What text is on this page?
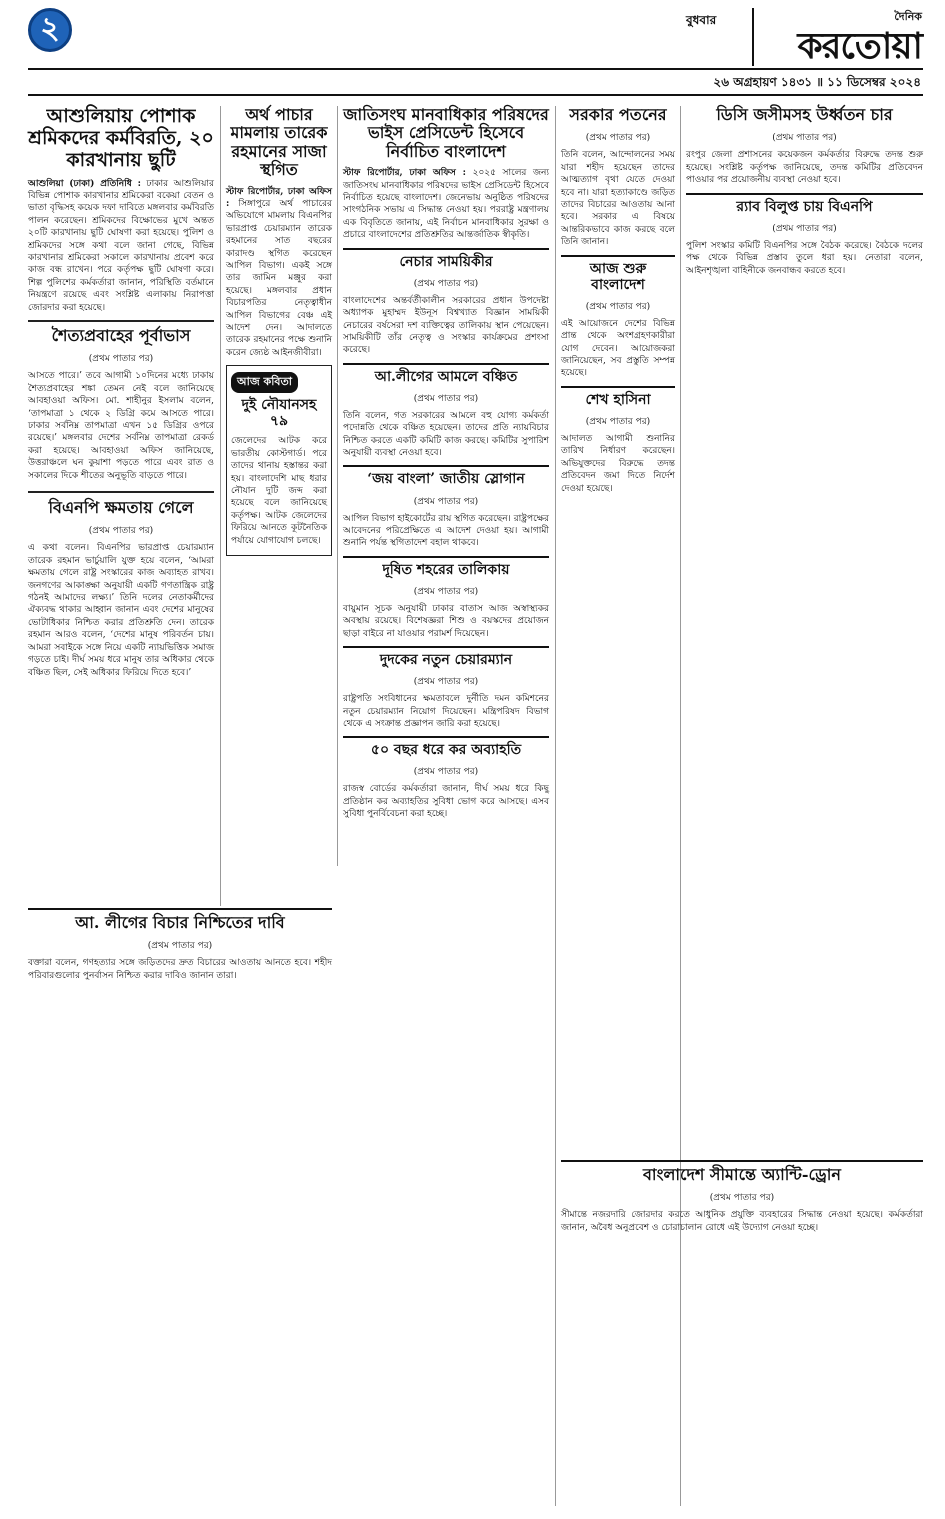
২	বুধবার	দৈনিক
করতোয়া
২৬ অগ্রহায়ণ ১৪৩১ ॥ ১১ ডিসেম্বর ২০২৪
আশুলিয়ায় পোশাক শ্রমিকদের কর্মবিরতি, ২০ কারখানায় ছুটি
আশুলিয়া (ঢাকা) প্রতিনিধি : ঢাকার আশুলিয়ার বিভিন্ন পোশাক কারখানার শ্রমিকেরা বকেয়া বেতন ও ভাতা বৃদ্ধিসহ কয়েক দফা দাবিতে মঙ্গলবার কর্মবিরতি পালন করেছেন। শ্রমিকদের বিক্ষোভের মুখে অন্তত ২০টি কারখানায় ছুটি ঘোষণা করা হয়েছে। পুলিশ ও শ্রমিকদের সঙ্গে কথা বলে জানা গেছে, বিভিন্ন কারখানার শ্রমিকেরা সকালে কারখানায় প্রবেশ করে কাজ বন্ধ রাখেন। পরে কর্তৃপক্ষ ছুটি ঘোষণা করে। শিল্প পুলিশের কর্মকর্তারা জানান, পরিস্থিতি বর্তমানে নিয়ন্ত্রণে রয়েছে এবং সংশ্লিষ্ট এলাকায় নিরাপত্তা জোরদার করা হয়েছে।
শৈত্যপ্রবাহের পূর্বাভাস
(প্রথম পাতার পর)
আসতে পারে।’ তবে আগামী ১০দিনের মধ্যে ঢাকায় শৈত্যপ্রবাহের শঙ্কা তেমন নেই বলে জানিয়েছে আবহাওয়া অফিস। মো. শাহীনুর ইসলাম বলেন, ‘তাপমাত্রা ১ থেকে ২ ডিগ্রি কমে আসতে পারে। ঢাকার সর্বনিম্ন তাপমাত্রা এখন ১৫ ডিগ্রির ওপরে রয়েছে।’ মঙ্গলবার দেশের সর্বনিম্ন তাপমাত্রা রেকর্ড করা হয়েছে। আবহাওয়া অফিস জানিয়েছে, উত্তরাঞ্চলে ঘন কুয়াশা পড়তে পারে এবং রাত ও সকালের দিকে শীতের অনুভূতি বাড়তে পারে।
বিএনপি ক্ষমতায় গেলে
(প্রথম পাতার পর)
এ কথা বলেন। বিএনপির ভারপ্রাপ্ত চেয়ারম্যান তারেক রহমান ভার্চুয়ালি যুক্ত হয়ে বলেন, ‘আমরা ক্ষমতায় গেলে রাষ্ট্র সংস্কারের কাজ অব্যাহত রাখব। জনগণের আকাঙ্ক্ষা অনুযায়ী একটি গণতান্ত্রিক রাষ্ট্র গঠনই আমাদের লক্ষ্য।’ তিনি দলের নেতাকর্মীদের ঐক্যবদ্ধ থাকার আহ্বান জানান এবং দেশের মানুষের ভোটাধিকার নিশ্চিত করার প্রতিশ্রুতি দেন। তারেক রহমান আরও বলেন, ‘দেশের মানুষ পরিবর্তন চায়। আমরা সবাইকে সঙ্গে নিয়ে একটি ন্যায়ভিত্তিক সমাজ গড়তে চাই। দীর্ঘ সময় ধরে মানুষ তার অধিকার থেকে বঞ্চিত ছিল, সেই অধিকার ফিরিয়ে দিতে হবে।’
অর্থ পাচার মামলায় তারেক রহমানের সাজা স্থগিত
স্টাফ রিপোর্টার, ঢাকা অফিস : সিঙ্গাপুরে অর্থ পাচারের অভিযোগে মামলায় বিএনপির ভারপ্রাপ্ত চেয়ারম্যান তারেক রহমানের সাত বছরের কারাদণ্ড স্থগিত করেছেন আপিল বিভাগ। একই সঙ্গে তার জামিন মঞ্জুর করা হয়েছে। মঙ্গলবার প্রধান বিচারপতির নেতৃত্বাধীন আপিল বিভাগের বেঞ্চ এই আদেশ দেন। আদালতে তারেক রহমানের পক্ষে শুনানি করেন জ্যেষ্ঠ আইনজীবীরা।
আজ কবিতা
দুই নৌযানসহ ৭৯
জেলেদের আটক করে ভারতীয় কোস্টগার্ড। পরে তাদের থানায় হস্তান্তর করা হয়। বাংলাদেশি মাছ ধরার নৌযান দুটি জব্দ করা হয়েছে বলে জানিয়েছে কর্তৃপক্ষ। আটক জেলেদের ফিরিয়ে আনতে কূটনৈতিক পর্যায়ে যোগাযোগ চলছে।
জাতিসংঘ মানবাধিকার পরিষদের ভাইস প্রেসিডেন্ট হিসেবে নির্বাচিত বাংলাদেশ
স্টাফ রিপোর্টার, ঢাকা অফিস : ২০২৫ সালের জন্য জাতিসংঘ মানবাধিকার পরিষদের ভাইস প্রেসিডেন্ট হিসেবে নির্বাচিত হয়েছে বাংলাদেশ। জেনেভায় অনুষ্ঠিত পরিষদের সাংগঠনিক সভায় এ সিদ্ধান্ত নেওয়া হয়। পররাষ্ট্র মন্ত্রণালয় এক বিবৃতিতে জানায়, এই নির্বাচন মানবাধিকার সুরক্ষা ও প্রচারে বাংলাদেশের প্রতিশ্রুতির আন্তর্জাতিক স্বীকৃতি।
নেচার সাময়িকীর
(প্রথম পাতার পর)
বাংলাদেশের অন্তর্বর্তীকালীন সরকারের প্রধান উপদেষ্টা অধ্যাপক মুহাম্মদ ইউনূস বিশ্বখ্যাত বিজ্ঞান সাময়িকী নেচারের বর্ষসেরা দশ ব্যক্তিত্বের তালিকায় স্থান পেয়েছেন। সাময়িকীটি তাঁর নেতৃত্ব ও সংস্কার কার্যক্রমের প্রশংসা করেছে।
আ.লীগের আমলে বঞ্চিত
(প্রথম পাতার পর)
তিনি বলেন, গত সরকারের আমলে বহু যোগ্য কর্মকর্তা পদোন্নতি থেকে বঞ্চিত হয়েছেন। তাদের প্রতি ন্যায়বিচার নিশ্চিত করতে একটি কমিটি কাজ করছে। কমিটির সুপারিশ অনুযায়ী ব্যবস্থা নেওয়া হবে।
‘জয় বাংলা’ জাতীয় স্লোগান
(প্রথম পাতার পর)
আপিল বিভাগ হাইকোর্টের রায় স্থগিত করেছেন। রাষ্ট্রপক্ষের আবেদনের পরিপ্রেক্ষিতে এ আদেশ দেওয়া হয়। আগামী শুনানি পর্যন্ত স্থগিতাদেশ বহাল থাকবে।
দূষিত শহরের তালিকায়
(প্রথম পাতার পর)
বায়ুমান সূচক অনুযায়ী ঢাকার বাতাস আজ অস্বাস্থ্যকর অবস্থায় রয়েছে। বিশেষজ্ঞরা শিশু ও বয়স্কদের প্রয়োজন ছাড়া বাইরে না যাওয়ার পরামর্শ দিয়েছেন।
দুদকের নতুন চেয়ারম্যান
(প্রথম পাতার পর)
রাষ্ট্রপতি সংবিধানের ক্ষমতাবলে দুর্নীতি দমন কমিশনের নতুন চেয়ারম্যান নিয়োগ দিয়েছেন। মন্ত্রিপরিষদ বিভাগ থেকে এ সংক্রান্ত প্রজ্ঞাপন জারি করা হয়েছে।
৫০ বছর ধরে কর অব্যাহতি
(প্রথম পাতার পর)
রাজস্ব বোর্ডের কর্মকর্তারা জানান, দীর্ঘ সময় ধরে কিছু প্রতিষ্ঠান কর অব্যাহতির সুবিধা ভোগ করে আসছে। এসব সুবিধা পুনর্বিবেচনা করা হচ্ছে।
সরকার পতনের
(প্রথম পাতার পর)
তিনি বলেন, আন্দোলনের সময় যারা শহীদ হয়েছেন তাদের আত্মত্যাগ বৃথা যেতে দেওয়া হবে না। যারা হত্যাকাণ্ডে জড়িত তাদের বিচারের আওতায় আনা হবে। সরকার এ বিষয়ে আন্তরিকভাবে কাজ করছে বলে তিনি জানান।
আজ শুরু বাংলাদেশ
(প্রথম পাতার পর)
এই আয়োজনে দেশের বিভিন্ন প্রান্ত থেকে অংশগ্রহণকারীরা যোগ দেবেন। আয়োজকরা জানিয়েছেন, সব প্রস্তুতি সম্পন্ন হয়েছে।
শেখ হাসিনা
(প্রথম পাতার পর)
আদালত আগামী শুনানির তারিখ নির্ধারণ করেছেন। অভিযুক্তদের বিরুদ্ধে তদন্ত প্রতিবেদন জমা দিতে নির্দেশ দেওয়া হয়েছে।
ডিসি জসীমসহ উর্ধ্বতন চার
(প্রথম পাতার পর)
রংপুর জেলা প্রশাসনের কয়েকজন কর্মকর্তার বিরুদ্ধে তদন্ত শুরু হয়েছে। সংশ্লিষ্ট কর্তৃপক্ষ জানিয়েছে, তদন্ত কমিটির প্রতিবেদন পাওয়ার পর প্রয়োজনীয় ব্যবস্থা নেওয়া হবে।
র‌্যাব বিলুপ্ত চায় বিএনপি
(প্রথম পাতার পর)
পুলিশ সংস্কার কমিটি বিএনপির সঙ্গে বৈঠক করেছে। বৈঠকে দলের পক্ষ থেকে বিভিন্ন প্রস্তাব তুলে ধরা হয়। নেতারা বলেন, আইনশৃঙ্খলা বাহিনীকে জনবান্ধব করতে হবে।
আ. লীগের বিচার নিশ্চিতের দাবি
(প্রথম পাতার পর)
বক্তারা বলেন, গণহত্যার সঙ্গে জড়িতদের দ্রুত বিচারের আওতায় আনতে হবে। শহীদ পরিবারগুলোর পুনর্বাসন নিশ্চিত করার দাবিও জানান তারা।
বাংলাদেশ সীমান্তে অ্যান্টি-ড্রোন
(প্রথম পাতার পর)
সীমান্তে নজরদারি জোরদার করতে আধুনিক প্রযুক্তি ব্যবহারের সিদ্ধান্ত নেওয়া হয়েছে। কর্মকর্তারা জানান, অবৈধ অনুপ্রবেশ ও চোরাচালান রোধে এই উদ্যোগ নেওয়া হচ্ছে।
